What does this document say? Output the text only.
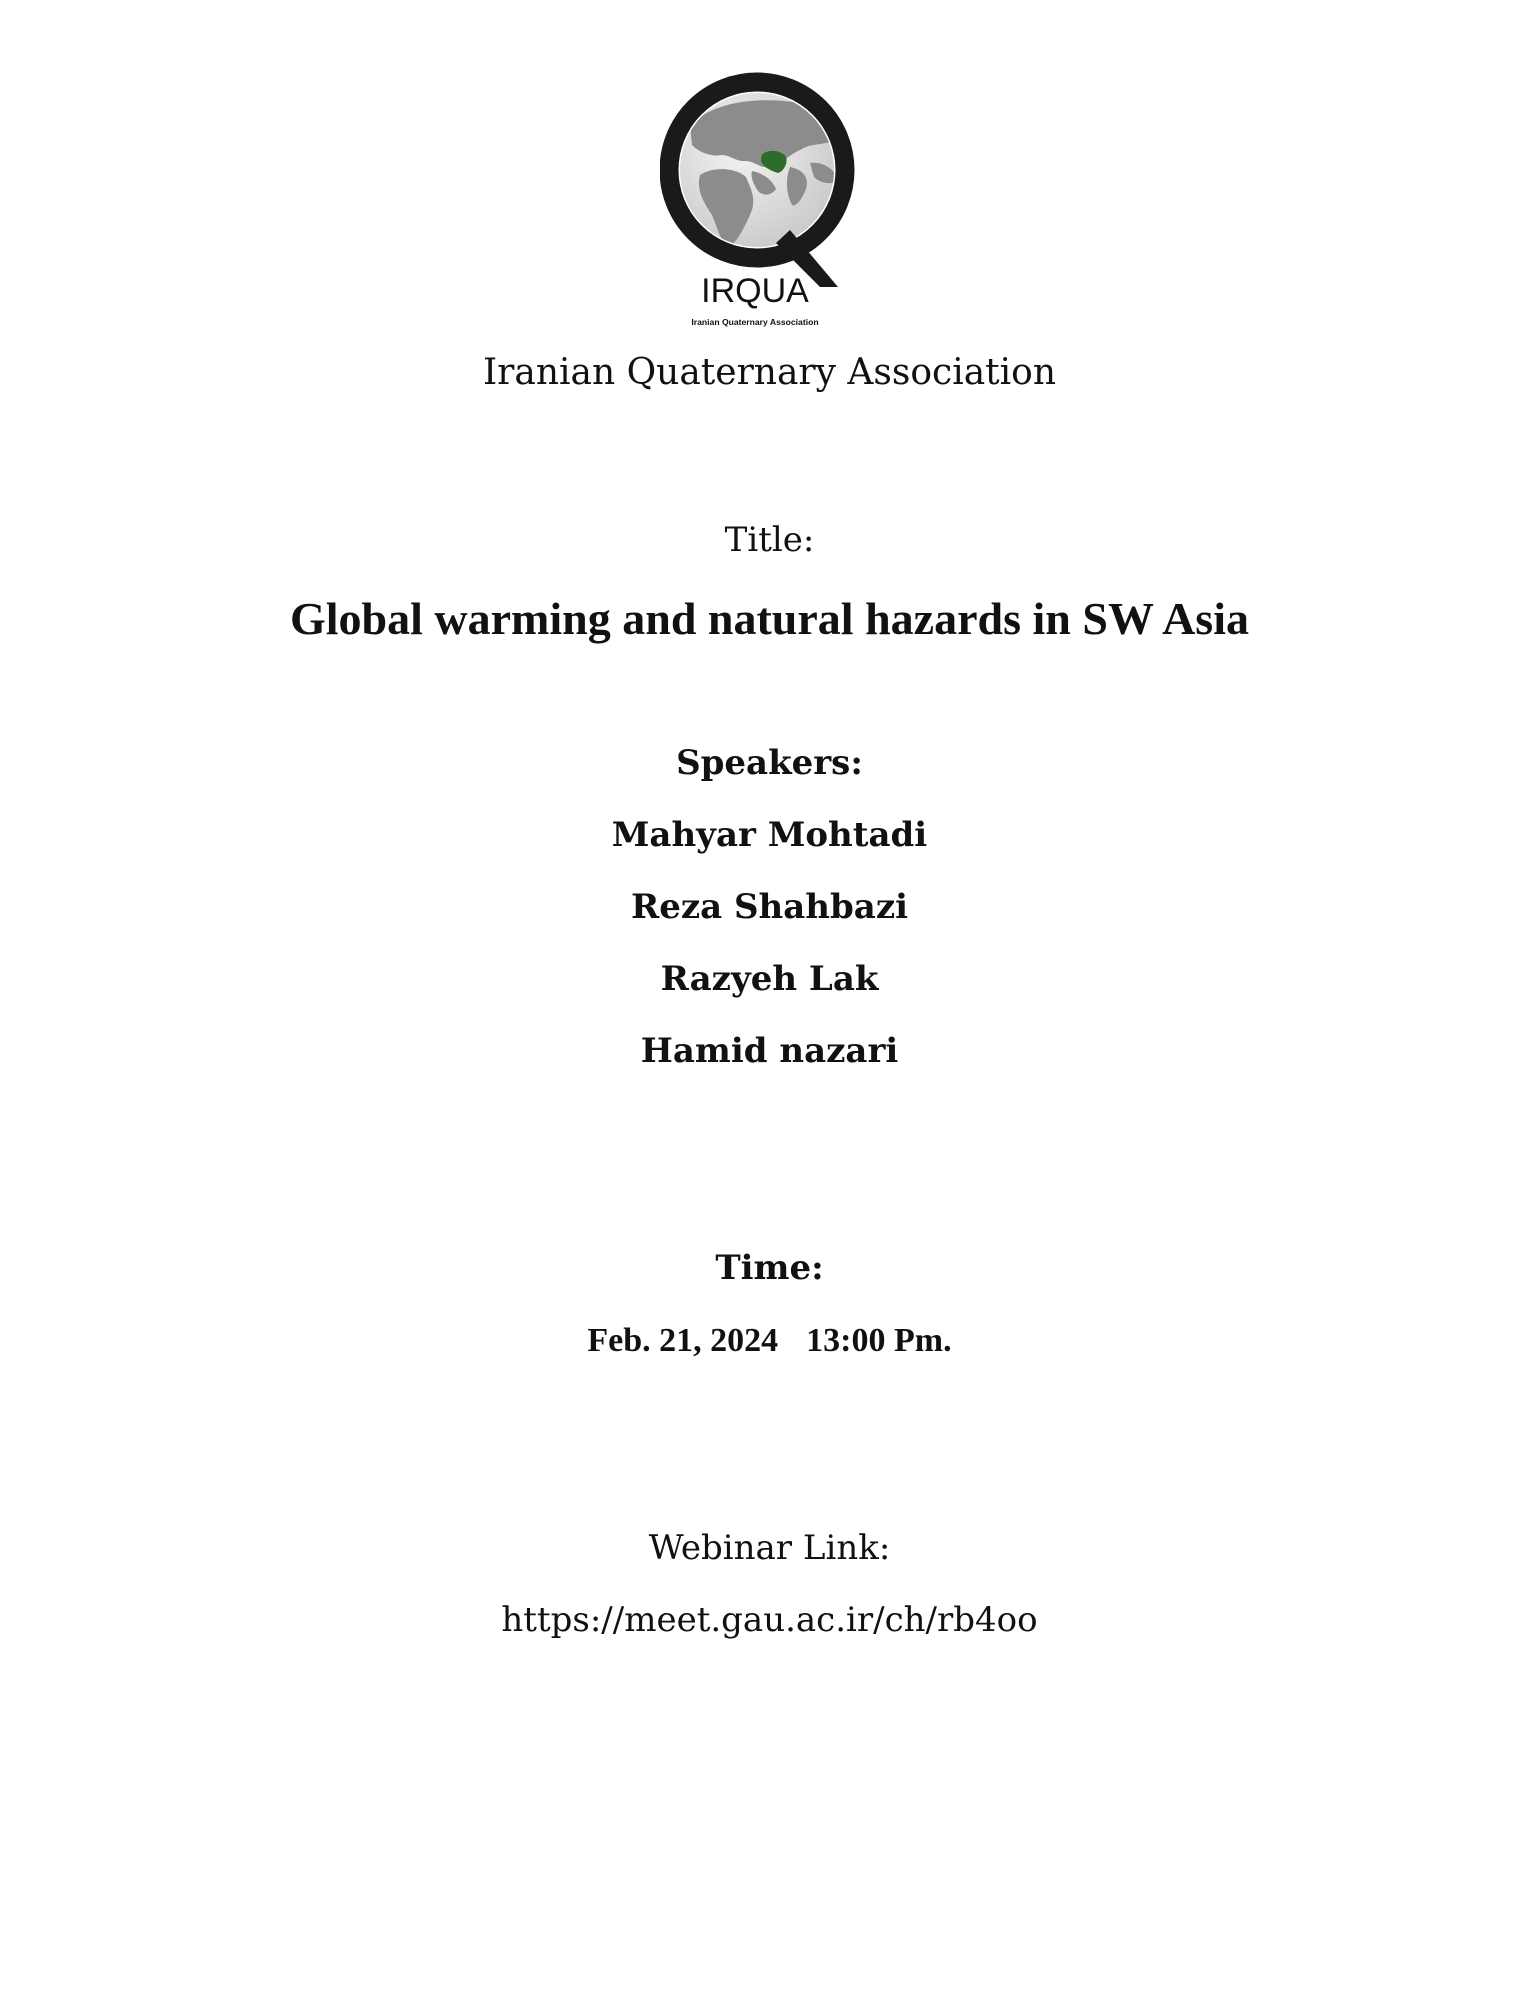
IRQUA
Iranian Quaternary Association

Iranian Quaternary Association

Title:

Global warming and natural hazards in SW Asia

Speakers:

Mahyar Mohtadi

Reza Shahbazi

Razyeh Lak

Hamid nazari

Time:

Feb. 21, 2024 13:00 Pm.

Webinar Link:

https://meet.gau.ac.ir/ch/rb4oo
